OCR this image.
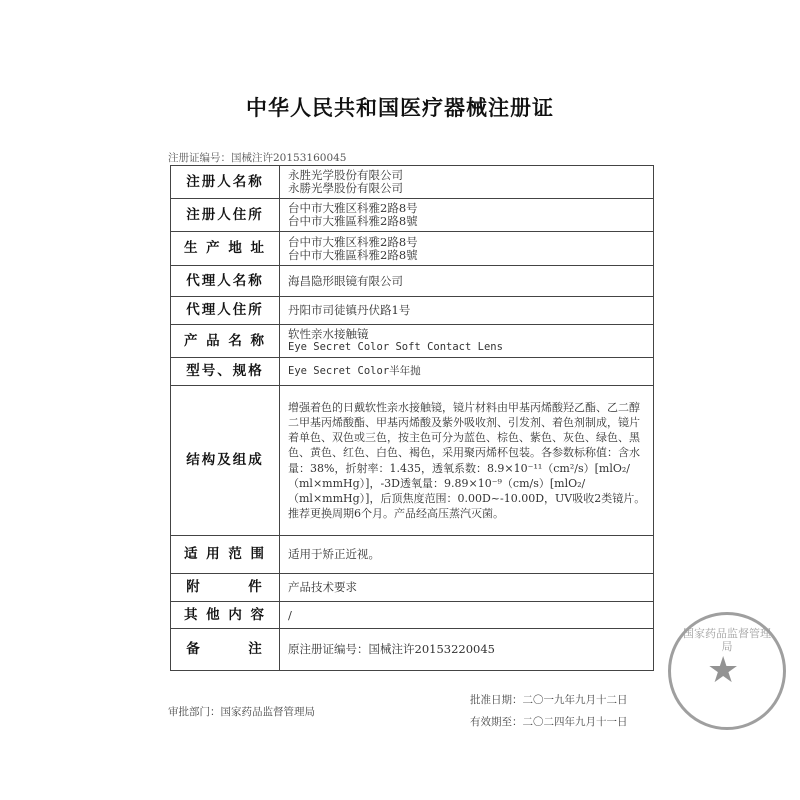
中华人民共和国医疗器械注册证
注册证编号：国械注许20153160045
注册人名称	永胜光学股份有限公司
永勝光學股份有限公司

注册人住所	台中市大雅区科雅2路8号
台中市大雅區科雅2路8號

生 产 地 址	台中市大雅区科雅2路8号
台中市大雅區科雅2路8號

代理人名称	海昌隐形眼镜有限公司
代理人住所	丹阳市司徒镇丹伏路1号
产 品 名 称	软性亲水接触镜
Eye Secret Color Soft Contact Lens

型号、规格	Eye Secret Color半年抛
结构及组成	增强着色的日戴软性亲水接触镜，镜片材料由甲基丙烯酸羟乙酯、乙二醇二甲基丙烯酸酯、甲基丙烯酸及紫外吸收剂、引发剂、着色剂制成，镜片着单色、双色或三色，按主色可分为蓝色、棕色、紫色、灰色、绿色、黑色、黄色、红色、白色、褐色，采用聚丙烯杯包装。各参数标称值：含水量：38%，折射率：1.435，透氧系数：8.9×10⁻¹¹（cm²/s）[mlO₂/（ml×mmHg）]，-3D透氧量：9.89×10⁻⁹（cm/s）[mlO₂/（ml×mmHg）]，后顶焦度范围：0.00D~-10.00D，UV吸收2类镜片。推荐更换周期6个月。产品经高压蒸汽灭菌。
适 用 范 围	适用于矫正近视。
附　　　件	产品技术要求
其 他 内 容	/
备　　　注	原注册证编号：国械注许20153220045
审批部门：国家药品监督管理局
批准日期：二〇一九年九月十二日
有效期至：二〇二四年九月十一日
国家药品监督管理局
★
